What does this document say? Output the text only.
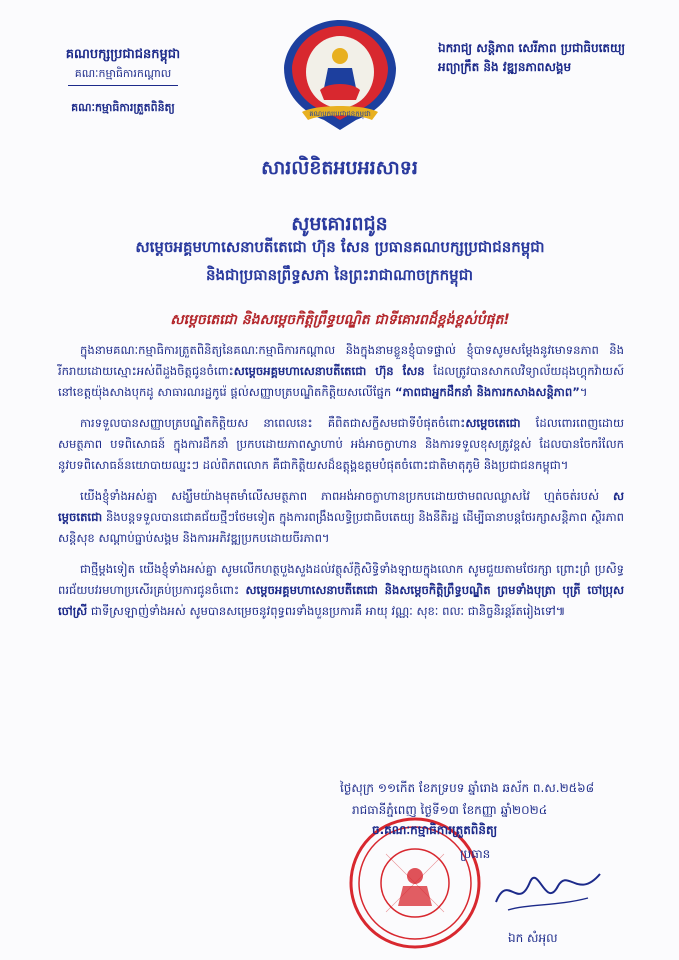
គណបក្សប្រជាជនកម្ពុជា
គណៈកម្មាធិការកណ្តាល
គណៈកម្មាធិការត្រួតពិនិត្យ	គណបក្សប្រជាជនកម្ពុជា
ឯករាជ្យ សន្តិភាព សេរីភាព ប្រជាធិបតេយ្យ
អព្យាក្រឹត និង វឌ្ឍនភាពសង្គម
សារលិខិតអបអរសាទរ
សូមគោរពជូន
សម្តេចអគ្គមហាសេនាបតីតេជោ ហ៊ុន សែន ប្រធានគណបក្សប្រជាជនកម្ពុជា
និងជាប្រធានព្រឹទ្ធសភា នៃព្រះរាជាណាចក្រកម្ពុជា
សម្តេចតេជោ និងសម្តេចកិត្តិព្រឹទ្ធបណ្ឌិត ជាទីគោរពដ៏ខ្ពង់ខ្ពស់បំផុត!

ក្នុងនាមគណៈកម្មាធិការត្រួតពិនិត្យនៃគណៈកម្មាធិការកណ្តាល និងក្នុងនាមខ្លួនខ្ញុំបាទផ្ទាល់ ខ្ញុំបាទសូមសម្តែងនូវមោទនភាព និងរីករាយដោយស្មោះអស់ពីដួងចិត្តជូនចំពោះសម្តេចអគ្គមហាសេនាបតីតេជោ ហ៊ុន សែន ដែលត្រូវបានសាកលវិទ្យាល័យដុងហ្គុកវ៉ាយស៍ នៅខេត្តយ៉ុងសាងបុកដូ សាធារណរដ្ឋកូរ៉េ ផ្តល់សញ្ញាបត្របណ្ឌិតកិត្តិយសលើផ្នែក “ភាពជាអ្នកដឹកនាំ និងការកសាងសន្តិភាព”។

ការទទួលបានសញ្ញាបត្របណ្ឌិតកិត្តិយស នាពេលនេះ គឺពិតជាសក្ខីសមជាទីបំផុតចំពោះសម្តេចតេជោ ដែលពោរពេញដោយសមត្ថភាព បទពិសោធន៍ ក្នុងការដឹកនាំ ប្រកបដោយភាពស្វាហាប់ អង់អាចក្លាហាន និងការទទួលខុសត្រូវខ្ពស់ ដែលបានចែករំលែកនូវបទពិសោធន៍នយោបាយឈ្នះៗ ដល់ពិភពលោក គឺជាកិត្តិយសដ៏ឧត្តុង្គឧត្តមបំផុតចំពោះជាតិមាតុភូមិ និងប្រជាជនកម្ពុជា។

យើងខ្ញុំទាំងអស់គ្នា សង្ឃឹមយ៉ាងមុតមាំលើសមត្ថភាព ភាពអង់អាចក្លាហានប្រកបដោយថាមពលឈ្លាសវៃ ហ្មត់ចត់របស់ សម្តេចតេជោ និងបន្តទទួលបានជោគជ័យថ្មីៗថែមទៀត ក្នុងការពង្រឹងលទ្ធិប្រជាធិបតេយ្យ និងនីតិរដ្ឋ ដើម្បីធានាបន្តថែរក្សាសន្តិភាព ស្ថិរភាព សន្តិសុខ សណ្តាប់ធ្នាប់សង្គម និងការអភិវឌ្ឍប្រកបដោយចីរភាព។

ជាថ្មីម្តងទៀត យើងខ្ញុំទាំងអស់គ្នា សូមលើកហត្ថបួងសួងដល់វត្ថុស័ក្តិសិទ្ធិទាំងឡាយក្នុងលោក សូមជួយតាមថែរក្សា ព្រោះព្រំ ប្រសិទ្ធពរជ័យបវរមហាប្រសើរគ្រប់ប្រការជូនចំពោះ សម្តេចអគ្គមហាសេនាបតីតេជោ និងសម្តេចកិត្តិព្រឹទ្ធបណ្ឌិត ព្រមទាំងបុត្រា បុត្រី ចៅប្រុស ចៅស្រី ជាទីស្រឡាញ់ទាំងអស់ សូមបានសម្រេចនូវពុទ្ធពរទាំងបួនប្រការគឺ អាយុ វណ្ណៈ សុខៈ ពលៈ ជានិច្ចនិរន្តរ៍តរៀងទៅ៕

ថ្ងៃសុក្រ ១១កើត ខែភទ្របទ ឆ្នាំរោង ឆស័ក ព.ស.២៥៦៨
រាជធានីភ្នំពេញ ថ្ងៃទី១៣ ខែកញ្ញា ឆ្នាំ២០២៤
ច.គណៈកម្មាធិការត្រួតពិនិត្យ
ប្រធាន
ឯក សំអុល
